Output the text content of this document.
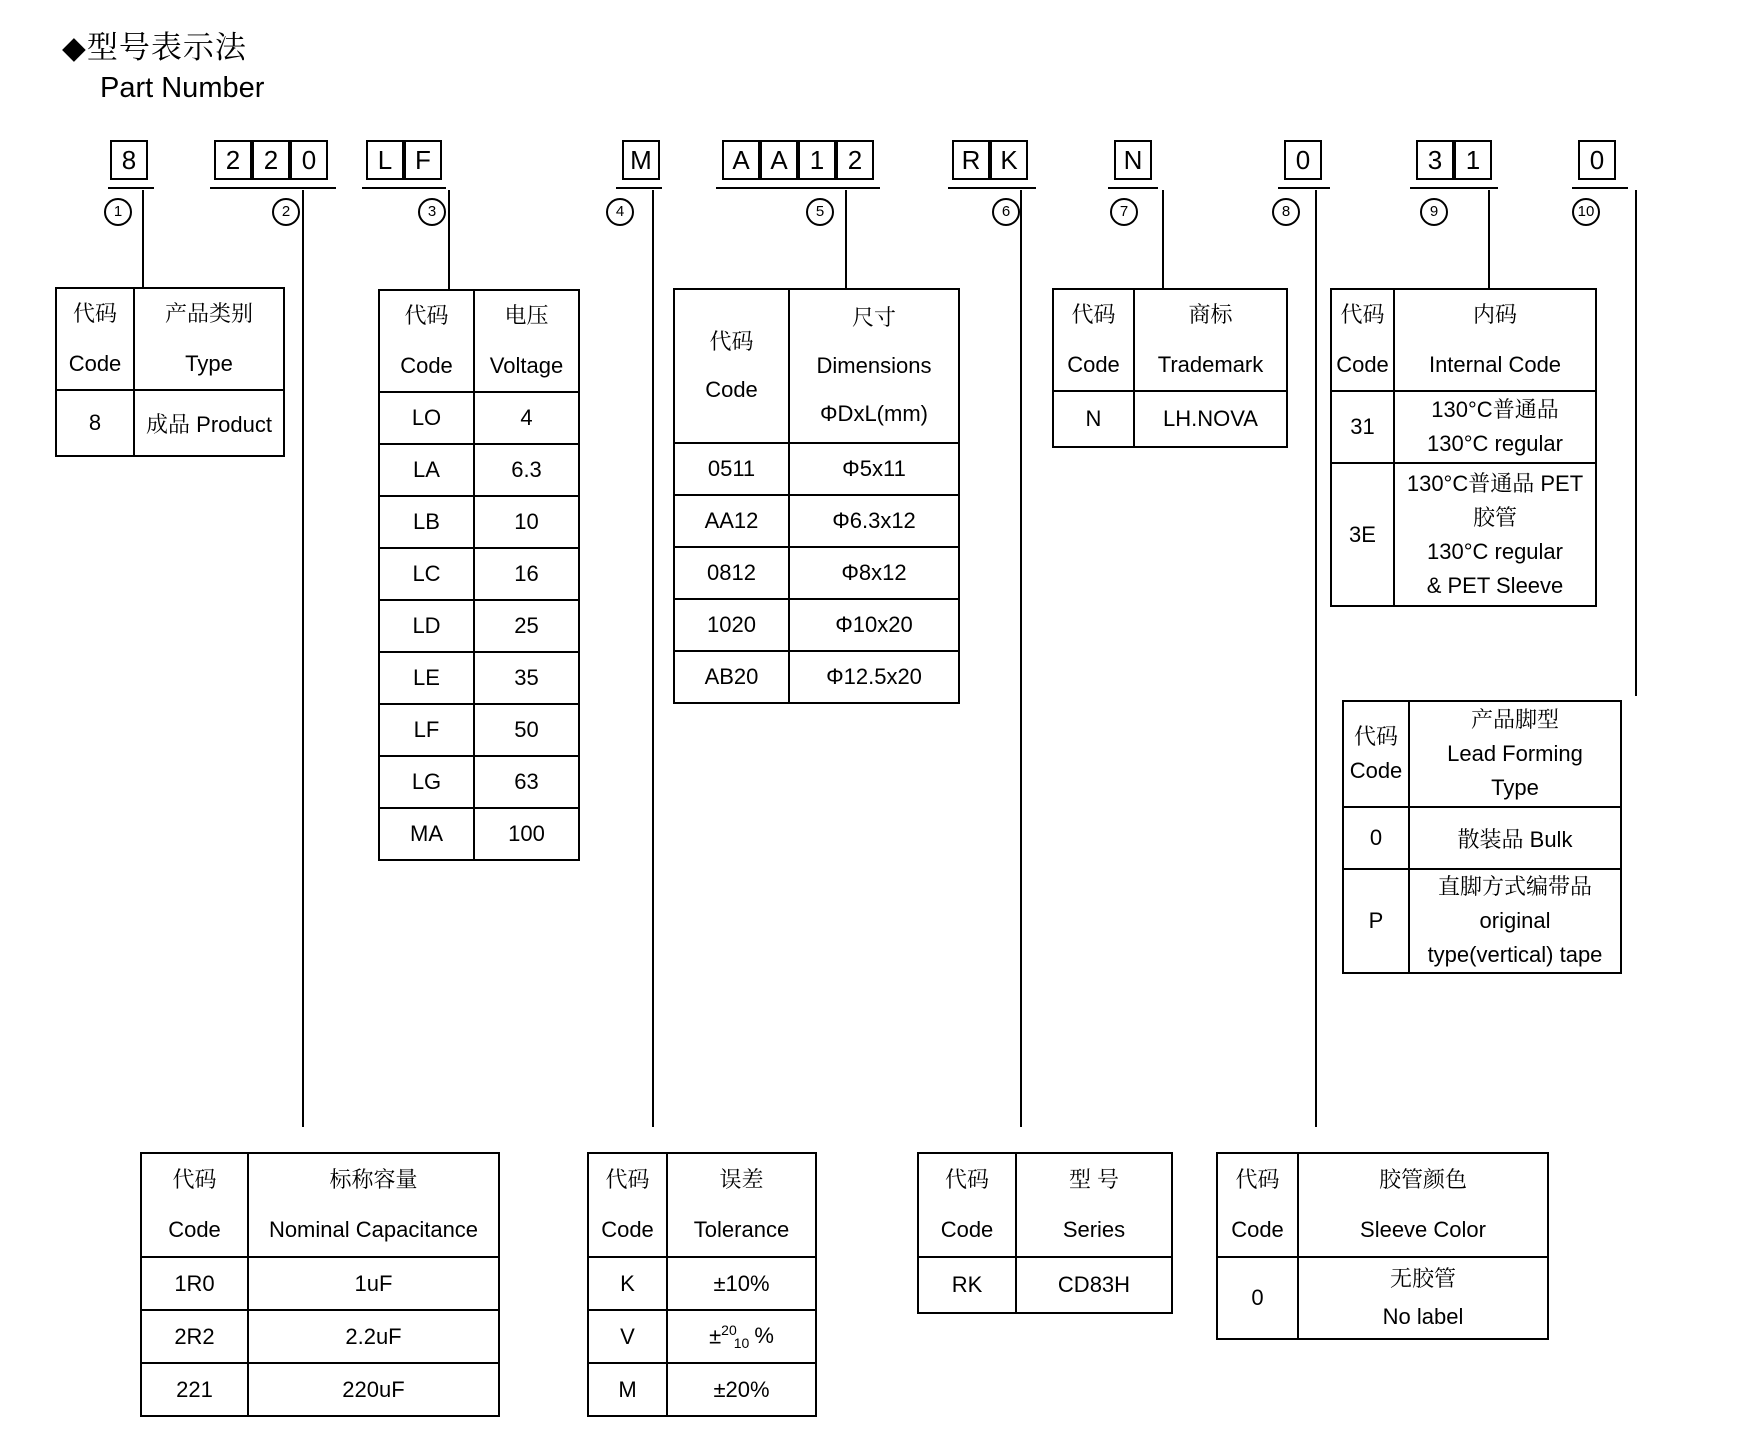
◆型号表示法
Part Number
8	2 2 0	L F	M	A A 1 2	R K	N	0	3 1	0
1	2	3	4	5	6	7	8	9	10
代码
Code	产品类别
Type
8	成品 Product
代码
Code	电压
Voltage
LO	4
LA	6.3
LB	10
LC	16
LD	25
LE	35
LF	50
LG	63
MA	100
代码
Code	尺寸
Dimensions
ΦDxL(mm)
0511	Φ5x11
AA12	Φ6.3x12
0812	Φ8x12
1020	Φ10x20
AB20	Φ12.5x20
代码
Code	商标
Trademark
N	LH.NOVA
代码
Code	内码
Internal Code
31	130°C普通品
130°C regular
3E	130°C普通品 PET
胶管
130°C regular
& PET Sleeve
代码
Code	产品脚型
Lead Forming
Type
0	散装品 Bulk
P	直脚方式编带品
original
type(vertical) tape
代码
Code	标称容量
Nominal Capacitance
1R0	1uF
2R2	2.2uF
221	220uF
代码
Code	误差
Tolerance
K	±10%
V	±$^{20}_{10}$ %
M	±20%
代码
Code	型 号
Series
RK	CD83H
代码
Code	胶管颜色
Sleeve Color
0	无胶管
No label
